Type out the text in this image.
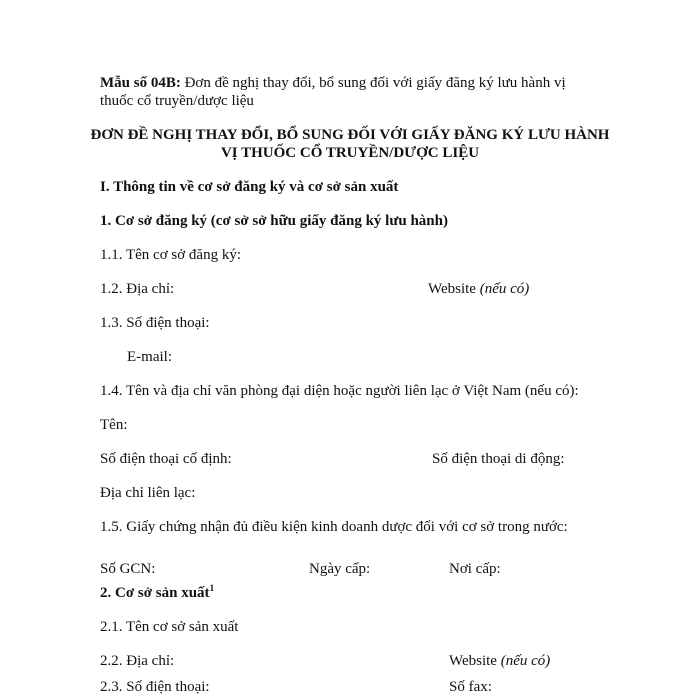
Mẫu số 04B: Đơn đề nghị thay đổi, bổ sung đối với giấy đăng ký lưu hành vị
thuốc cổ truyền/dược liệu
ĐƠN ĐỀ NGHỊ THAY ĐỔI, BỔ SUNG ĐỐI VỚI GIẤY ĐĂNG KÝ LƯU HÀNH
VỊ THUỐC CỔ TRUYỀN/DƯỢC LIỆU
I. Thông tin về cơ sở đăng ký và cơ sở sản xuất
1. Cơ sở đăng ký (cơ sở sở hữu giấy đăng ký lưu hành)
1.1. Tên cơ sở đăng ký:
1.2. Địa chỉ:	Website (nếu có)
1.3. Số điện thoại:
E-mail:
1.4. Tên và địa chỉ văn phòng đại diện hoặc người liên lạc ở Việt Nam (nếu có):
Tên:
Số điện thoại cố định:	Số điện thoại di động:
Địa chỉ liên lạc:
1.5. Giấy chứng nhận đủ điều kiện kinh doanh dược đối với cơ sở trong nước:
Số GCN:	Ngày cấp:	Nơi cấp:
2. Cơ sở sản xuất$^1$
2.1. Tên cơ sở sản xuất
2.2. Địa chỉ:	Website (nếu có)
2.3. Số điện thoại:	Số fax:
